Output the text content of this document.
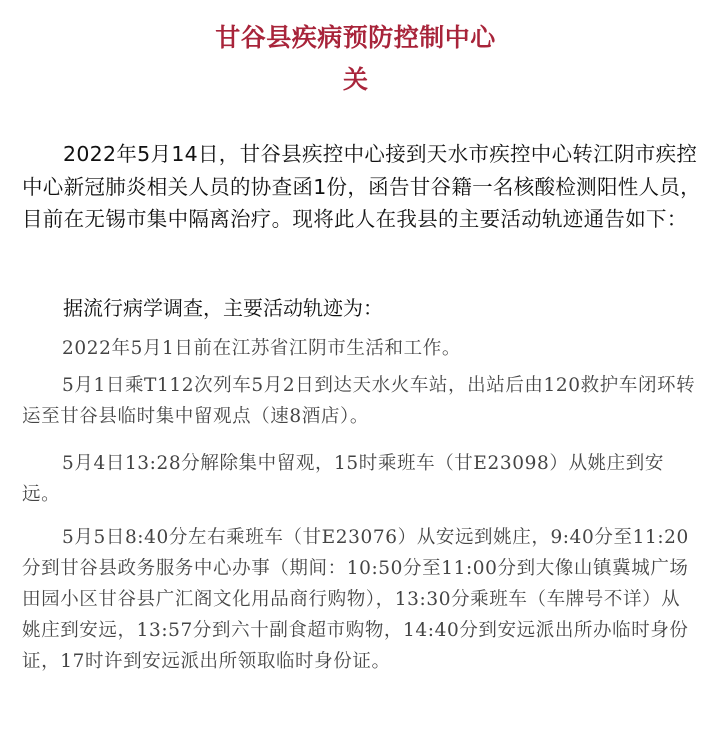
甘谷县疾病预防控制中心
关

2022年5月14日，甘谷县疾控中心接到天水市疾控中心转江阴市疾控中心新冠肺炎相关人员的协查函1份，函告甘谷籍一名核酸检测阳性人员，目前在无锡市集中隔离治疗。现将此人在我县的主要活动轨迹通告如下：

据流行病学调查，主要活动轨迹为：

2022年5月1日前在江苏省江阴市生活和工作。

5月1日乘T112次列车5月2日到达天水火车站，出站后由120救护车闭环转运至甘谷县临时集中留观点（速8酒店）。

5月4日13:28分解除集中留观，15时乘班车（甘E23098）从姚庄到安远。

5月5日8:40分左右乘班车（甘E23076）从安远到姚庄，9:40分至11:20分到甘谷县政务服务中心办事（期间：10:50分至11:00分到大像山镇冀城广场田园小区甘谷县广汇阁文化用品商行购物），13:30分乘班车（车牌号不详）从姚庄到安远，13:57分到六十副食超市购物，14:40分到安远派出所办临时身份证，17时许到安远派出所领取临时身份证。
